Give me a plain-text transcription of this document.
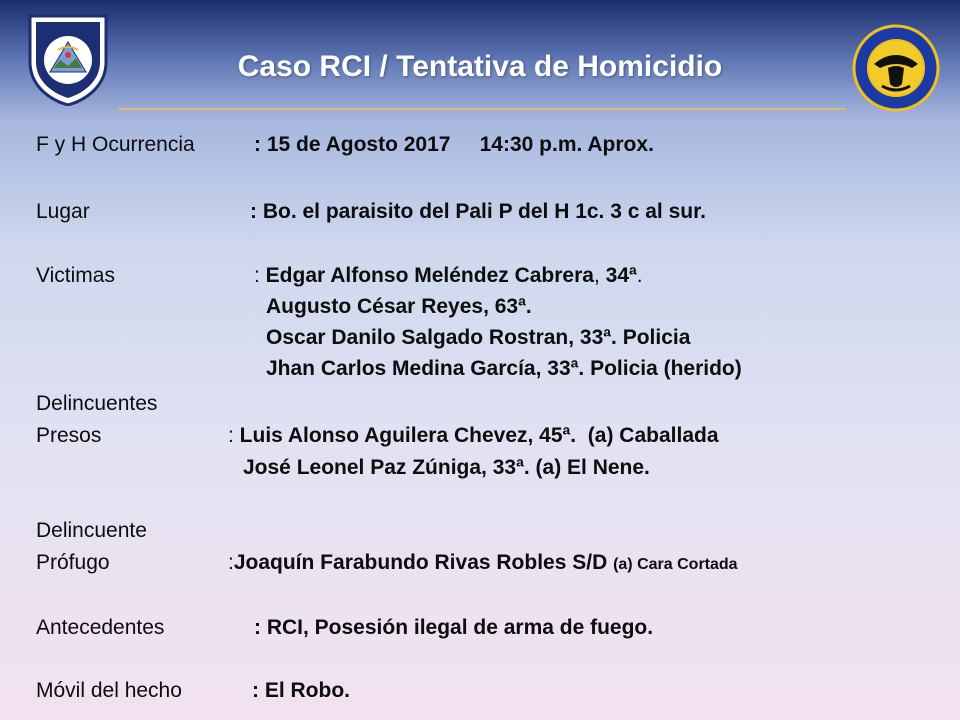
Caso RCI / Tentativa de Homicidio
F y H Ocurrencia	: 15 de Agosto 2017     14:30 p.m. Aprox.
Lugar	: Bo. el paraisito del Pali P del H 1c. 3 c al sur.
Victimas	: Edgar Alfonso Meléndez Cabrera, 34ª.
Augusto César Reyes, 63ª.
Oscar Danilo Salgado Rostran, 33ª. Policia
Jhan Carlos Medina García, 33ª. Policia (herido)
Delincuentes
Presos	: Luis Alonso Aguilera Chevez, 45ª.  (a) Caballada
José Leonel Paz Zúniga, 33ª. (a) El Nene.
Delincuente
Prófugo	:Joaquín Farabundo Rivas Robles S/D (a) Cara Cortada
Antecedentes	: RCI, Posesión ilegal de arma de fuego.
Móvil del hecho	: El Robo.
